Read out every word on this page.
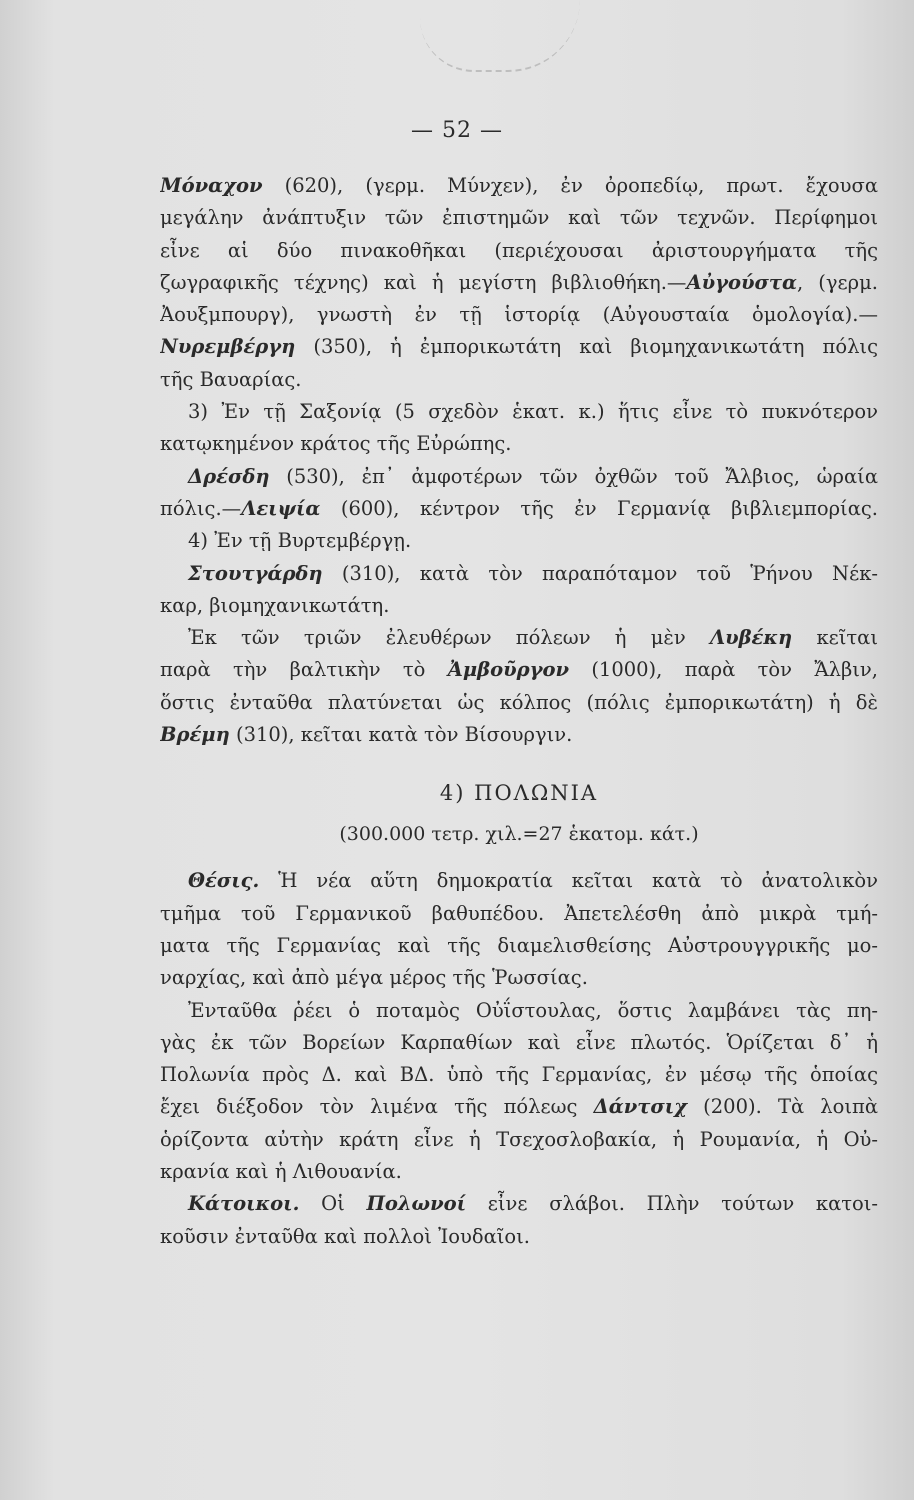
— 52 —
Μόναχον (620), (γερμ. Μύνχεν), ἐν ὀροπεδίῳ, πρωτ. ἔχουσα
μεγάλην ἀνάπτυξιν τῶν ἐπιστημῶν καὶ τῶν τεχνῶν. Περίφημοι
εἶνε αἱ δύο πινακοθῆκαι (περιέχουσαι ἀριστουργήματα τῆς
ζωγραφικῆς τέχνης) καὶ ἡ μεγίστη βιβλιοθήκη.—Αὐγούστα, (γερμ.
Ἀουξμπουργ), γνωστὴ ἐν τῇ ἱστορίᾳ (Αὐγουσταία ὁμολογία).—
Νυρεμβέργη (350), ἡ ἐμπορικωτάτη καὶ βιομηχανικωτάτη πόλις
τῆς Βαυαρίας.
3) Ἐν τῇ Σαξονίᾳ (5 σχεδὸν ἑκατ. κ.) ἥτις εἶνε τὸ πυκνότερον
κατῳκημένον κράτος τῆς Εὐρώπης.
Δρέσδη (530), ἐπ᾽ ἀμφοτέρων τῶν ὀχθῶν τοῦ Ἄλβιος, ὡραία
πόλις.—Λειψία (600), κέντρον τῆς ἐν Γερμανίᾳ βιβλιεμπορίας.
4) Ἐν τῇ Βυρτεμβέργῃ.
Στουτγάρδη (310), κατὰ τὸν παραπόταμον τοῦ Ῥήνου Νέκ-
καρ, βιομηχανικωτάτη.
Ἐκ τῶν τριῶν ἐλευθέρων πόλεων ἡ μὲν Λυβέκη κεῖται
παρὰ τὴν βαλτικὴν τὸ Ἀμβοῦργον (1000), παρὰ τὸν Ἄλβιν,
ὅστις ἐνταῦθα πλατύνεται ὡς κόλπος (πόλις ἐμπορικωτάτη) ἡ δὲ
Βρέμη (310), κεῖται κατὰ τὸν Βίσουργιν.
4) ΠΟΛΩΝΙΑ
(300.000 τετρ. χιλ.=27 ἑκατομ. κάτ.)
Θέσις. Ἡ νέα αὕτη δημοκρατία κεῖται κατὰ τὸ ἀνατολικὸν
τμῆμα τοῦ Γερμανικοῦ βαθυπέδου. Ἀπετελέσθη ἀπὸ μικρὰ τμή-
ματα τῆς Γερμανίας καὶ τῆς διαμελισθείσης Αὐστρουγγρικῆς μο-
ναρχίας, καὶ ἀπὸ μέγα μέρος τῆς Ῥωσσίας.
Ἐνταῦθα ῥέει ὁ ποταμὸς Οὐΐστουλας, ὅστις λαμβάνει τὰς πη-
γὰς ἐκ τῶν Βορείων Καρπαθίων καὶ εἶνε πλωτός. Ὁρίζεται δ᾽ ἡ
Πολωνία πρὸς Δ. καὶ ΒΔ. ὑπὸ τῆς Γερμανίας, ἐν μέσῳ τῆς ὁποίας
ἔχει διέξοδον τὸν λιμένα τῆς πόλεως Δάντσιχ (200). Τὰ λοιπὰ
ὁρίζοντα αὐτὴν κράτη εἶνε ἡ Τσεχοσλοβακία, ἡ Ρουμανία, ἡ Οὐ-
κρανία καὶ ἡ Λιθουανία.
Κάτοικοι. Οἱ Πολωνοί εἶνε σλάβοι. Πλὴν τούτων κατοι-
κοῦσιν ἐνταῦθα καὶ πολλοὶ Ἰουδαῖοι.
